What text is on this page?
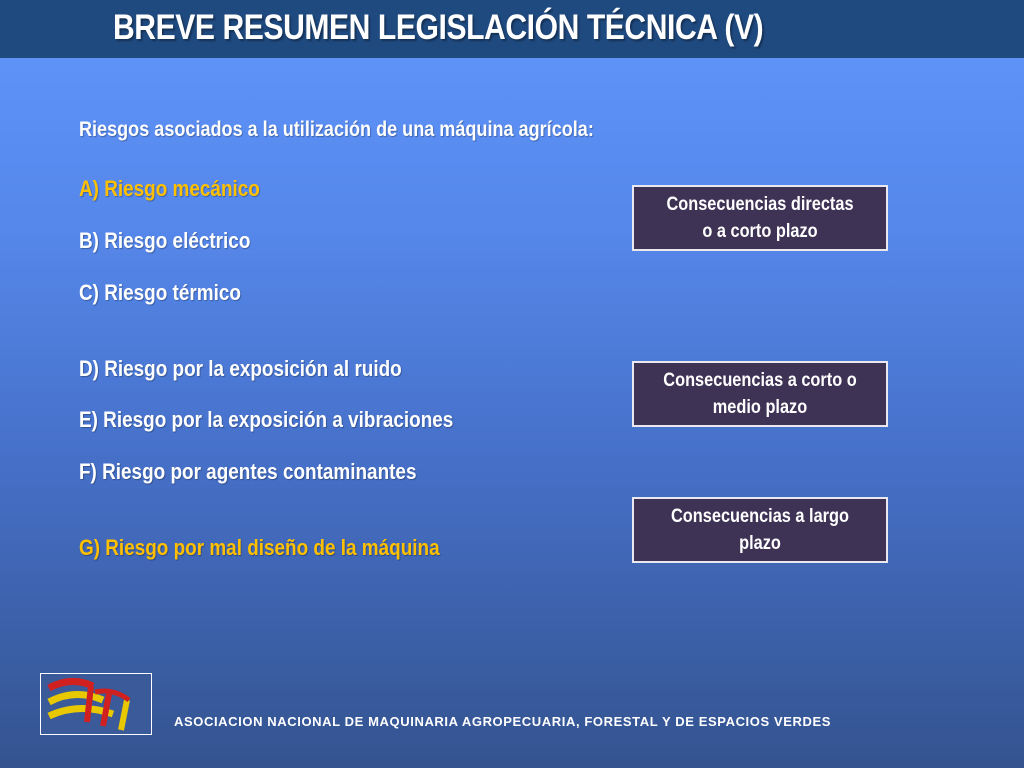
BREVE RESUMEN LEGISLACIÓN TÉCNICA (V)
Riesgos asociados a la utilización de una máquina agrícola:
A) Riesgo mecánico
B) Riesgo eléctrico
C) Riesgo térmico
D) Riesgo por la exposición al ruido
E) Riesgo por la exposición a vibraciones
F) Riesgo por agentes contaminantes
G) Riesgo por mal diseño de la máquina
Consecuencias directas
o a corto plazo
Consecuencias a corto o
medio plazo
Consecuencias a largo
plazo
ASOCIACION NACIONAL DE MAQUINARIA AGROPECUARIA, FORESTAL Y DE ESPACIOS VERDES
